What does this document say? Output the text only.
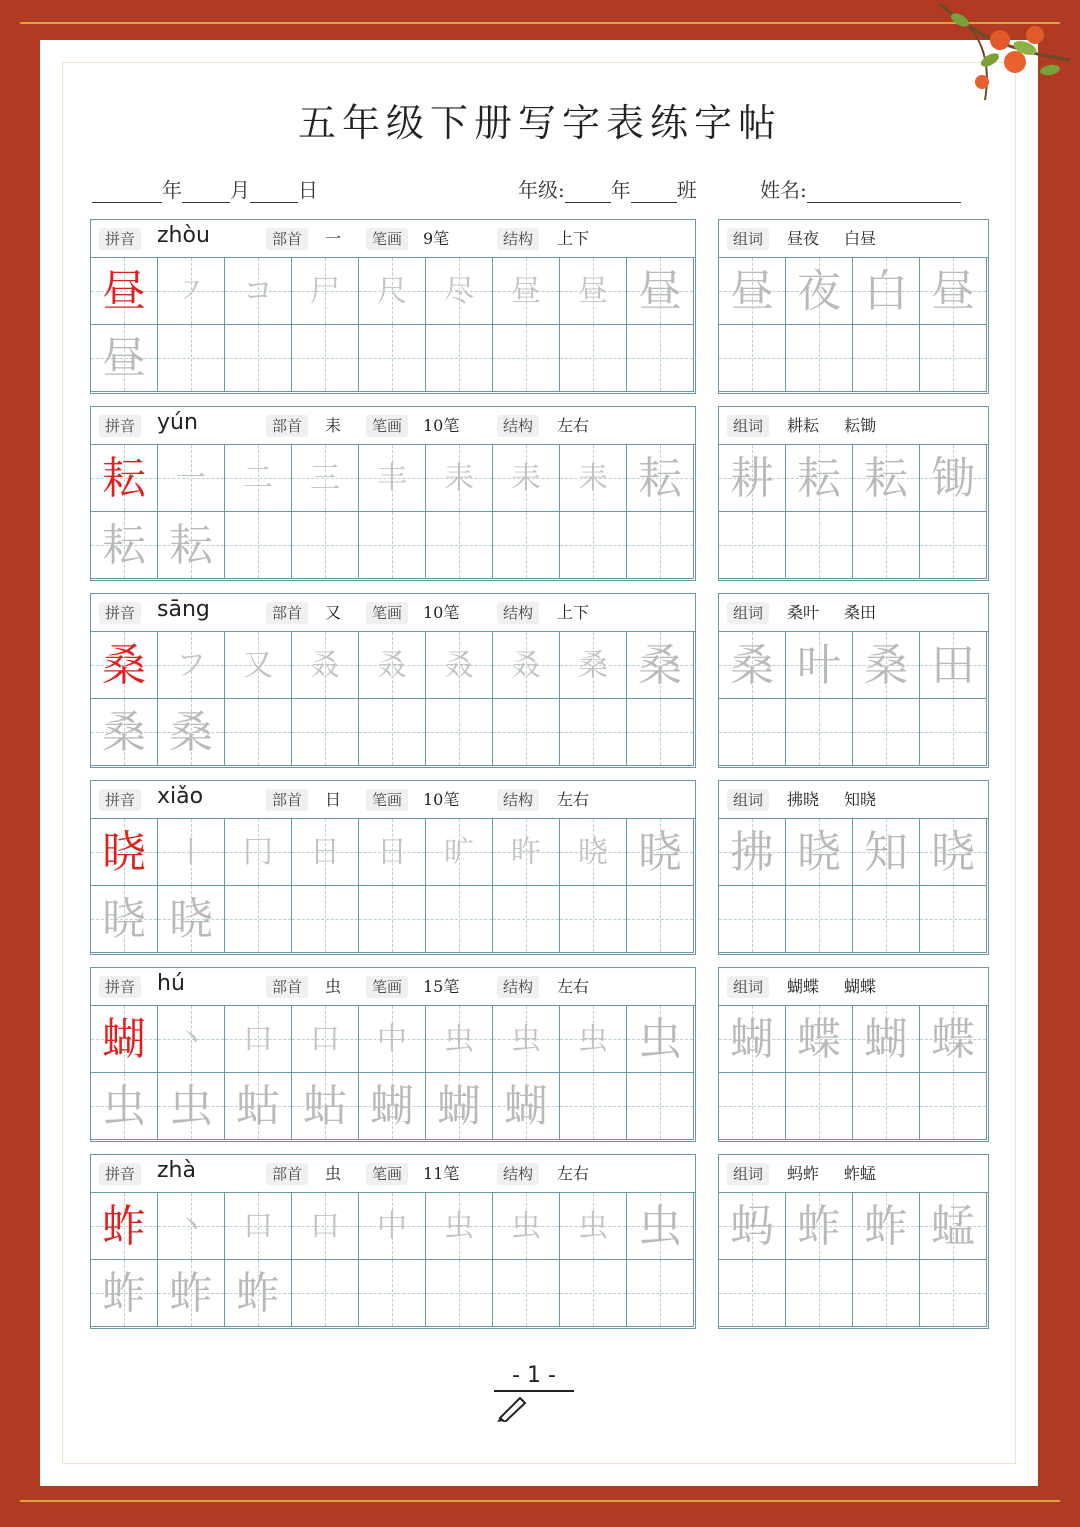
五年级下册写字表练字帖
年 月 日	年级: 年 班	姓名:
拼音 zhòu	部首	一	笔画	9笔	结构	上下
昼	㇇	コ	尸	尺	尽	昼	昼 昼
昼
组词	昼夜 白昼
昼 夜 白 昼
拼音 yún	部首	耒	笔画	10笔	结构	左右
耘	一	二	三	丰	耒	耒	耒 耘
耘 耘
组词	耕耘 耘锄
耕 耘 耘 锄
拼音 sāng	部首	又	笔画	10笔	结构	上下
桑	フ	又	叒	叒	叒	叒	桑 桑
桑 桑
组词	桑叶 桑田
桑 叶 桑 田
拼音 xiǎo	部首	日	笔画	10笔	结构	左右
晓	丨	冂	日	日	旷	旿	晓 晓
晓 晓
组词	拂晓 知晓
拂 晓 知 晓
拼音 hú	部首	虫	笔画	15笔	结构	左右
蝴	丶	口	口	中	虫	虫	虫 虫
虫 虫 蛄 蛄 蝴 蝴 蝴
组词	蝴蝶 蝴蝶
蝴 蝶 蝴 蝶
拼音 zhà	部首	虫	笔画	11笔	结构	左右
蚱	丶	口	口	中	虫	虫	虫 虫
蚱 蚱 蚱
组词	蚂蚱 蚱蜢
蚂 蚱 蚱 蜢
- 1 -
